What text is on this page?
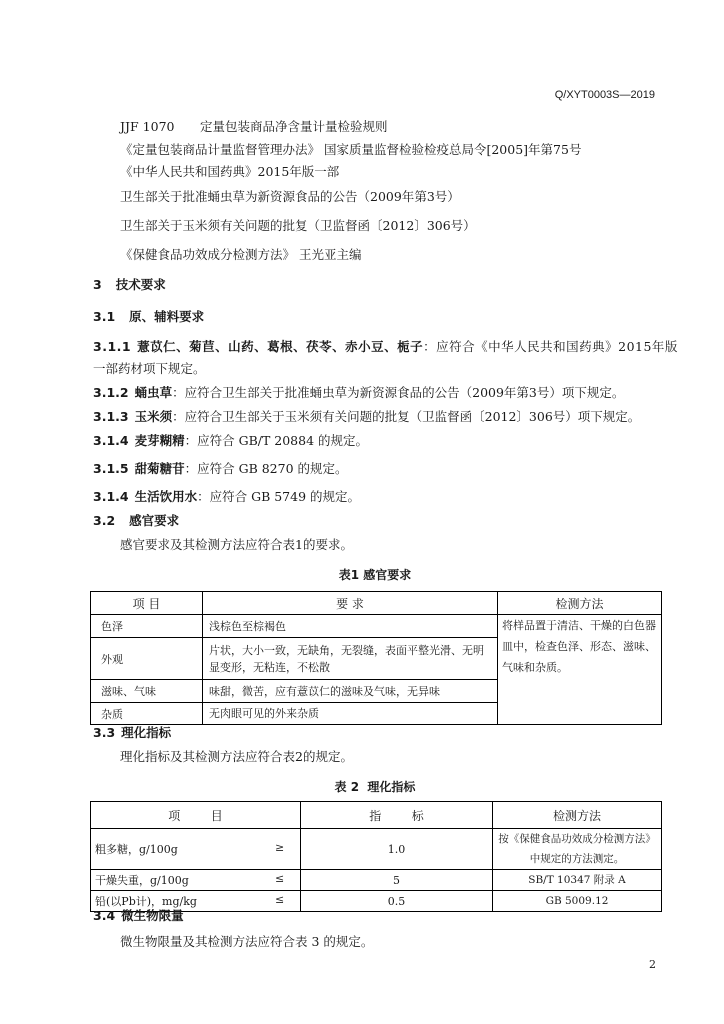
Q/XYT0003S—2019
JJF 1070 定量包装商品净含量计量检验规则
《定量包装商品计量监督管理办法》 国家质量监督检验检疫总局令[2005]年第75号
《中华人民共和国药典》2015年版一部
卫生部关于批准蛹虫草为新资源食品的公告（2009年第3号）
卫生部关于玉米须有关问题的批复（卫监督函〔2012〕306号）
《保健食品功效成分检测方法》 王光亚主编
3 技术要求
3.1 原、辅料要求
3.1.1 薏苡仁、菊苣、山药、葛根、茯苓、赤小豆、栀子：应符合《中华人民共和国药典》2015年版
一部药材项下规定。
3.1.2 蛹虫草：应符合卫生部关于批准蛹虫草为新资源食品的公告（2009年第3号）项下规定。
3.1.3 玉米须：应符合卫生部关于玉米须有关问题的批复（卫监督函〔2012〕306号）项下规定。
3.1.4 麦芽糊精：应符合 GB/T 20884 的规定。
3.1.5 甜菊糖苷：应符合 GB 8270 的规定。
3.1.4 生活饮用水：应符合 GB 5749 的规定。
3.2 感官要求
感官要求及其检测方法应符合表1的要求。
表1 感官要求
项 目	要 求	检测方法
色泽	浅棕色至棕褐色	将样品置于清洁、干燥的白色器
皿中，检查色泽、形态、滋味、
气味和杂质。

外观	片状，大小一致，无缺角，无裂缝，表面平整光滑、无明
显变形，无粘连，不松散	

滋味、气味	味甜，微苦，应有薏苡仁的滋味及气味，无异味	

杂质	无肉眼可见的外来杂质	
3.3 理化指标
理化指标及其检测方法应符合表2的规定。
表 2  理化指标
项        目	指        标	检测方法

粗多糖，g/100g ≥	1.0	按《保健食品功效成分检测方法》
中规定的方法测定。

干燥失重，g/100g ≤	5	SB/T 10347 附录 A

铅(以Pb计)，mg/kg ≤	0.5	GB 5009.12
3.4 微生物限量
微生物限量及其检测方法应符合表 3 的规定。
2
